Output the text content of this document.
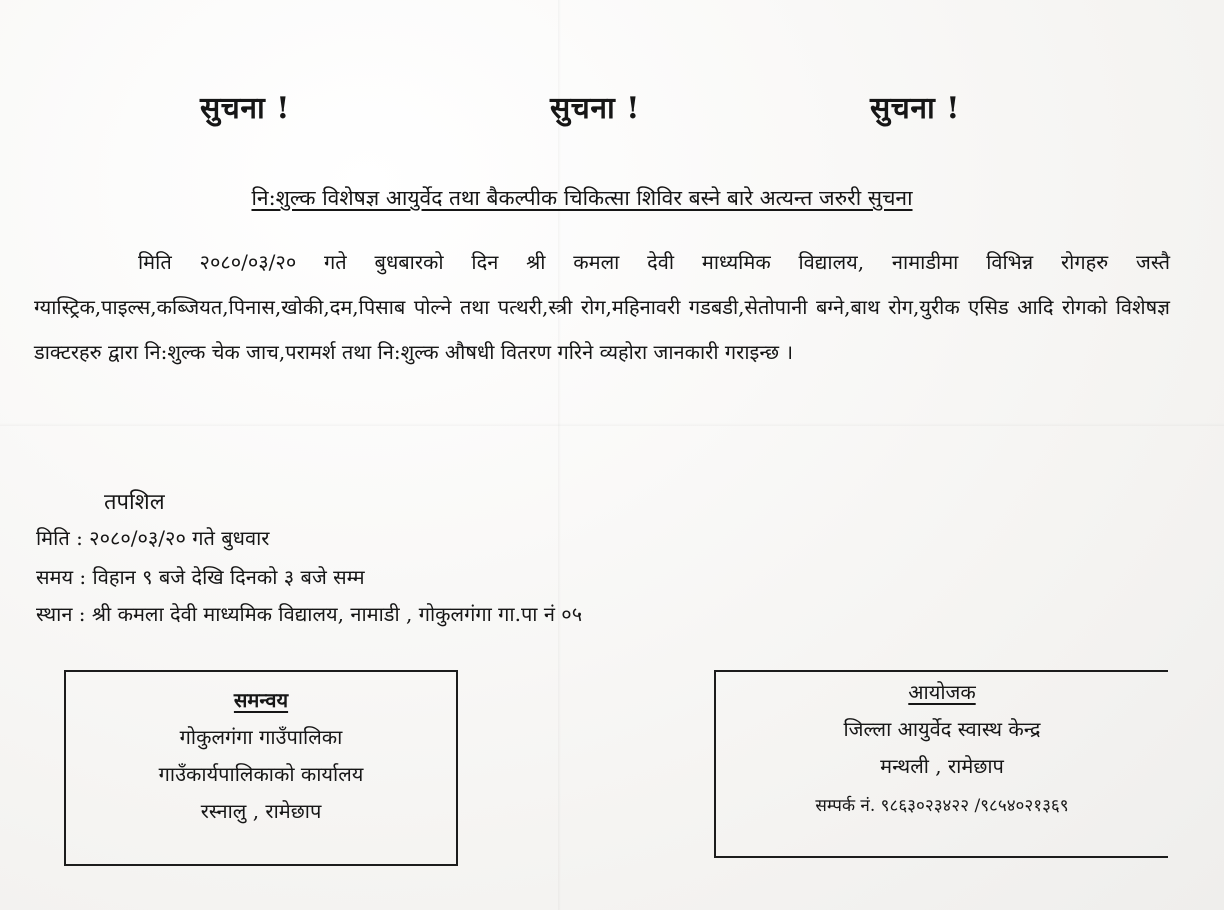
सुचना !	सुचना !	सुचना !
नि:शुल्क विशेषज्ञ आयुर्वेद तथा बैकल्पीक चिकित्सा शिविर बस्ने बारे अत्यन्त जरुरी सुचना
मिति २०८०/०३/२० गते बुधबारको दिन श्री कमला देवी माध्यमिक विद्यालय, नामाडीमा विभिन्न रोगहरु जस्तै ग्यास्ट्रिक,पाइल्स,कब्जियत,पिनास,खोकी,दम,पिसाब पोल्ने तथा पत्थरी,स्त्री रोग,महिनावरी गडबडी,सेतोपानी बग्ने,बाथ रोग,युरीक एसिड आदि रोगको विशेषज्ञ डाक्टरहरु द्वारा नि:शुल्क चेक जाच,परामर्श तथा नि:शुल्क औषधी वितरण गरिने व्यहोरा जानकारी गराइन्छ ।
तपशिल
मिति : २०८०/०३/२० गते बुधवार
समय : विहान ९ बजे देखि दिनको ३ बजे सम्म
स्थान : श्री कमला देवी माध्यमिक विद्यालय, नामाडी , गोकुलगंगा गा.पा नं ०५
समन्वय
गोकुलगंगा गाउँपालिका
गाउँकार्यपालिकाको कार्यालय
रस्नालु , रामेछाप
आयोजक
जिल्ला आयुर्वेद स्वास्थ केन्द्र
मन्थली , रामेछाप
सम्पर्क नं. ९८६३०२३४२२ /९८५४०२१३६९
